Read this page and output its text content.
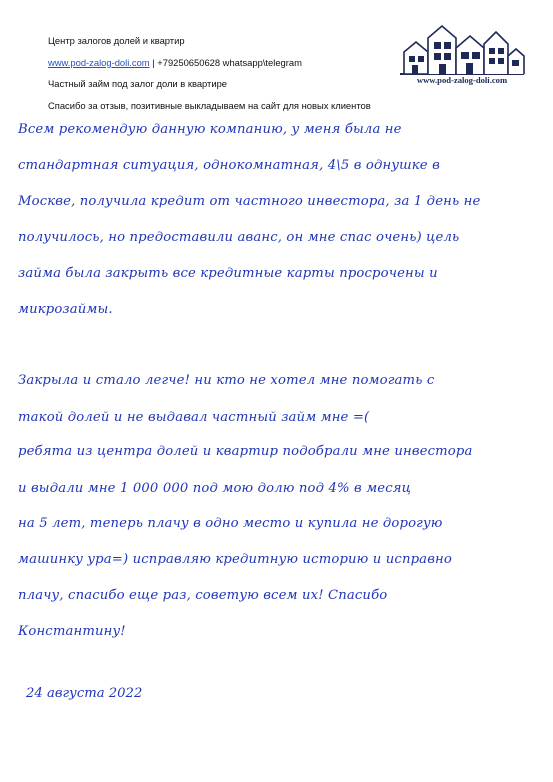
Центр залогов долей и квартир
www.pod-zalog-doli.com | +79250650628 whatsapp\telegram
Частный займ под залог доли в квартире
Спасибо за отзыв, позитивные выкладываем на сайт для новых клиентов
www.pod-zalog-doli.com
Всем рекомендую данную компанию, у меня была не
стандартная ситуация, однокомнатная, 4\5 в однушке в
Москве, получила кредит от частного инвестора, за 1 день не
получилось, но предоставили аванс, он мне спас очень) цель
займа была закрыть все кредитные карты просрочены и
микрозаймы.
Закрыла и стало легче! ни кто не хотел мне помогать с
такой долей и не выдавал частный займ мне =(
ребята из центра долей и квартир подобрали мне инвестора
и выдали мне 1 000 000 под мою долю под 4% в месяц
на 5 лет, теперь плачу в одно место и купила не дорогую
машинку ура=) исправляю кредитную историю и исправно
плачу, спасибо еще раз, советую всем их! Спасибо
Константину!
24 августа 2022
